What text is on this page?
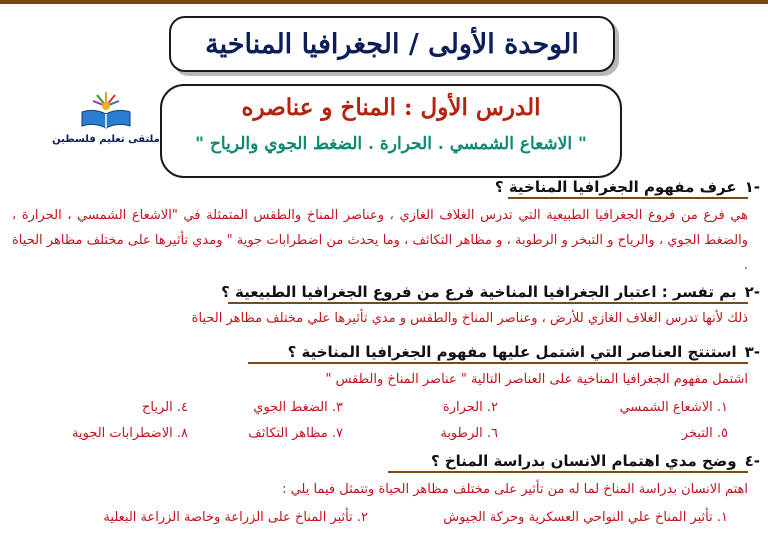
الوحدة الأولى / الجغرافيا المناخية
ملتقى تعليم فلسطين
الدرس الأول : المناخ و عناصره
" الاشعاع الشمسي . الحرارة . الضغط الجوي والرياح "
-١عرف مفهوم الجغرافيا المناخية ؟
هي فرع من فروع الجغرافيا الطبيعية التي تدرس الغلاف الغازي ، وعناصر المناخ والطقس المتمثلة في "الاشعاع الشمسي ، الحرارة ، والضغط الجوي ، والرياح و التبخر و الرطوبة ، و مظاهر التكاثف ، وما يحدث من اضطرابات جوية " ومدي تأثيرها على مختلف مظاهر الحياة .
-٢بم تفسر : اعتبار الجغرافيا المناخية فرع من فروع الجغرافيا الطبيعية ؟
ذلك لأنها تدرس الغلاف الغازي للأرض ، وعناصر المناخ والطقس و مدي تأثيرها علي مختلف مظاهر الحياة
-٣استنتج العناصر التي اشتمل عليها مفهوم الجغرافيا المناخية ؟
اشتمل مفهوم الجغرافيا المناخية على العناصر التالية " عناصر المناخ والطقس "
١. الاشعاع الشمسي
٢. الحرارة
٣. الضغط الجوي
٤. الرياح
٥. التبخر
٦. الرطوبة
٧. مظاهر التكاثف
٨. الاضطرابات الجوية
-٤وضح مدي اهتمام الانسان بدراسة المناخ ؟
اهتم الانسان بدراسة المناخ لما له من تأثير على مختلف مظاهر الحياة وتتمثل فيما يلي :
١. تأثير المناخ علي النواحي العسكرية وحركة الجيوش
٢. تأثير المناخ على الزراعة وخاصة الزراعة البعلية
